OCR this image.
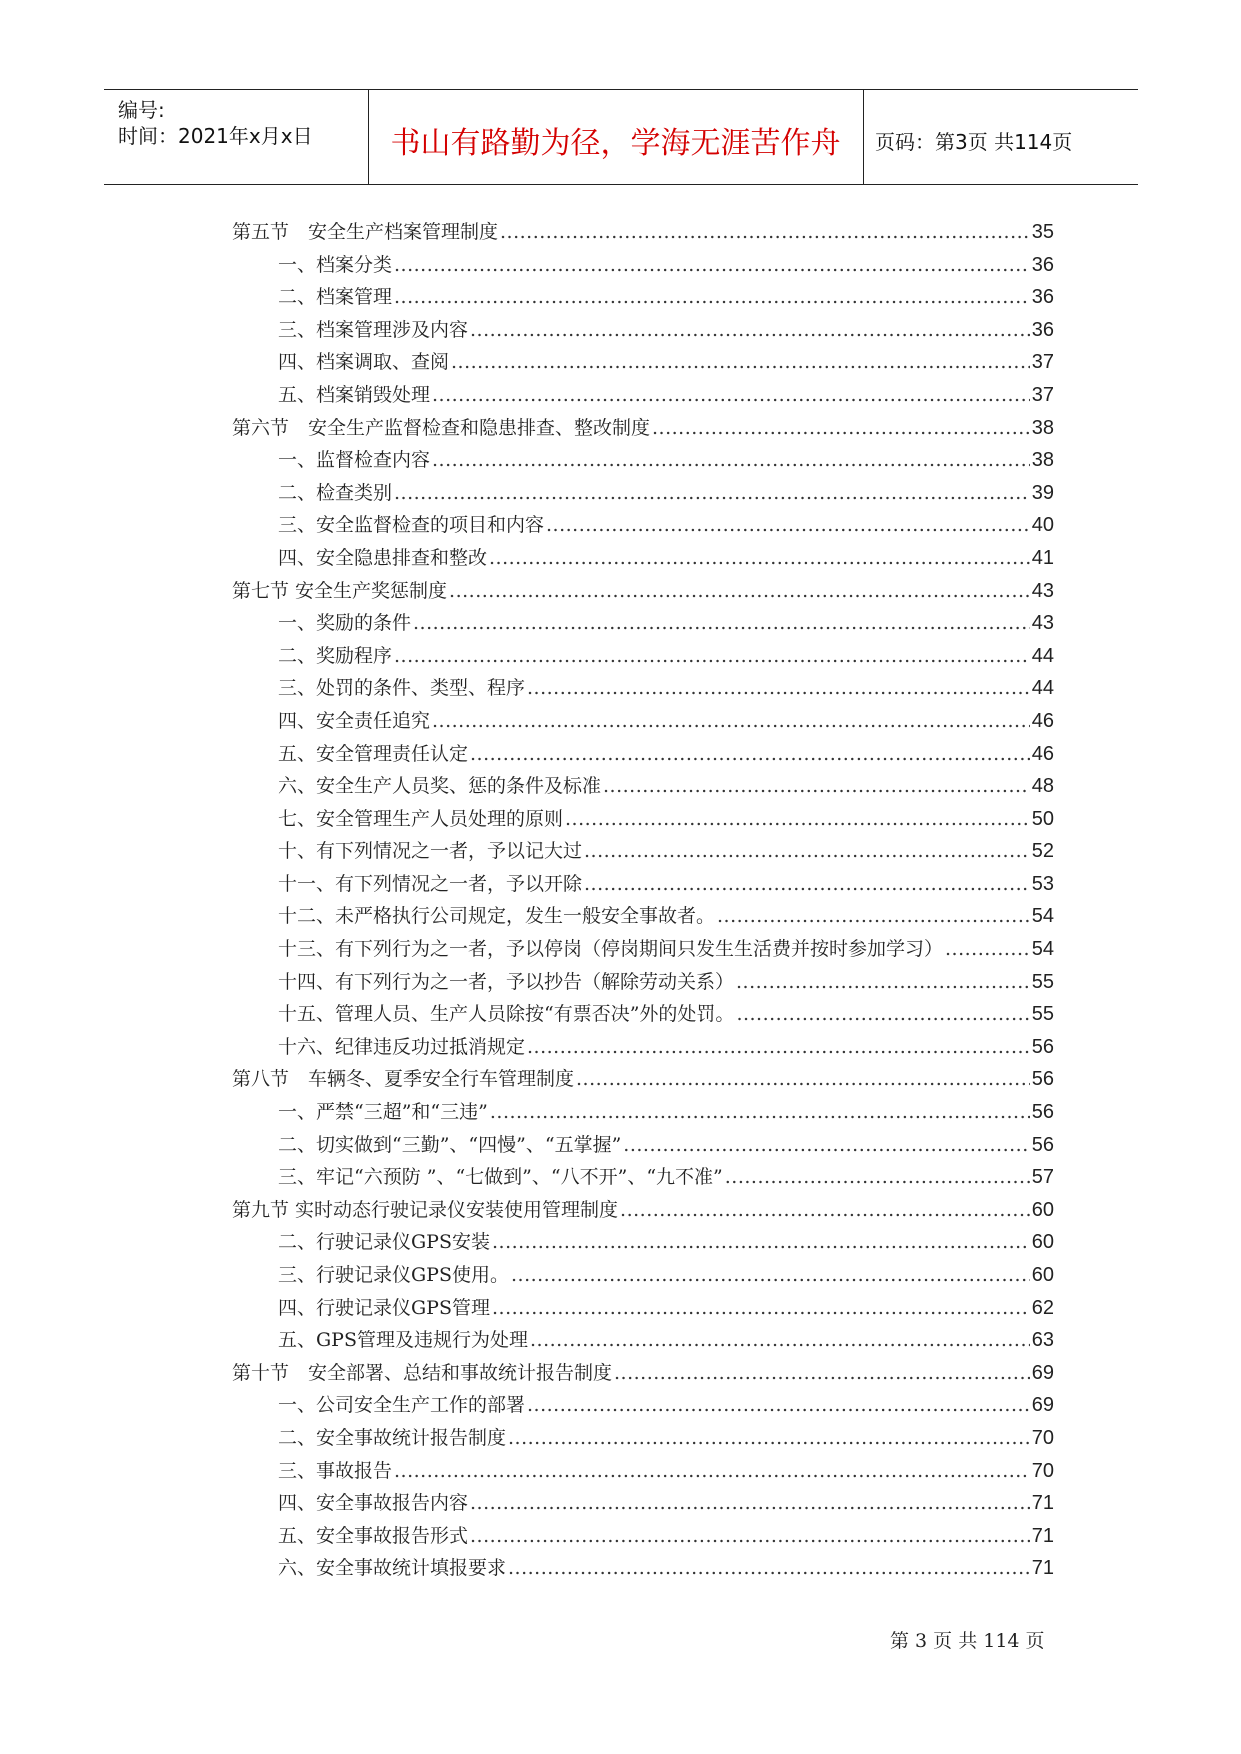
编号:
时间：2021年x月x日	书山有路勤为径，学海无涯苦作舟	页码：第3页 共114页
第五节　安全生产档案管理制度 .....	35
一、档案分类 .....	36
二、档案管理 .....	36
三、档案管理涉及内容 .....	36
四、档案调取、查阅 .....	37
五、档案销毁处理 .....	37
第六节　安全生产监督检查和隐患排查、整改制度 .....	38
一、监督检查内容 .....	38
二、检查类别 .....	39
三、安全监督检查的项目和内容 .....	40
四、安全隐患排查和整改 .....	41
第七节 安全生产奖惩制度 .....	43
一、奖励的条件 .....	43
二、奖励程序 .....	44
三、处罚的条件、类型、程序 .....	44
四、安全责任追究 .....	46
五、安全管理责任认定 .....	46
六、安全生产人员奖、惩的条件及标准 .....	48
七、安全管理生产人员处理的原则 .....	50
十、有下列情况之一者，予以记大过 .....	52
十一、有下列情况之一者，予以开除 .....	53
十二、未严格执行公司规定，发生一般安全事故者。 .....	54
十三、有下列行为之一者，予以停岗（停岗期间只发生生活费并按时参加学习） .....	54
十四、有下列行为之一者，予以抄告（解除劳动关系） .....	55
十五、管理人员、生产人员除按“有票否决”外的处罚。 .....	55
十六、纪律违反功过抵消规定 .....	56
第八节　车辆冬、夏季安全行车管理制度 .....	56
一、严禁“三超”和“三违” .....	56
二、切实做到“三勤”、“四慢”、“五掌握” .....	56
三、牢记“六预防 ”、“七做到”、“八不开”、“九不准” .....	57
第九节 实时动态行驶记录仪安装使用管理制度 .....	60
二、行驶记录仪GPS安装 .....	60
三、行驶记录仪GPS使用。 .....	60
四、行驶记录仪GPS管理 .....	62
五、GPS管理及违规行为处理 .....	63
第十节　安全部署、总结和事故统计报告制度 .....	69
一、公司安全生产工作的部署 .....	69
二、安全事故统计报告制度 .....	70
三、事故报告 .....	70
四、安全事故报告内容 .....	71
五、安全事故报告形式 .....	71
六、安全事故统计填报要求 .....	71
第 3 页 共 114 页
